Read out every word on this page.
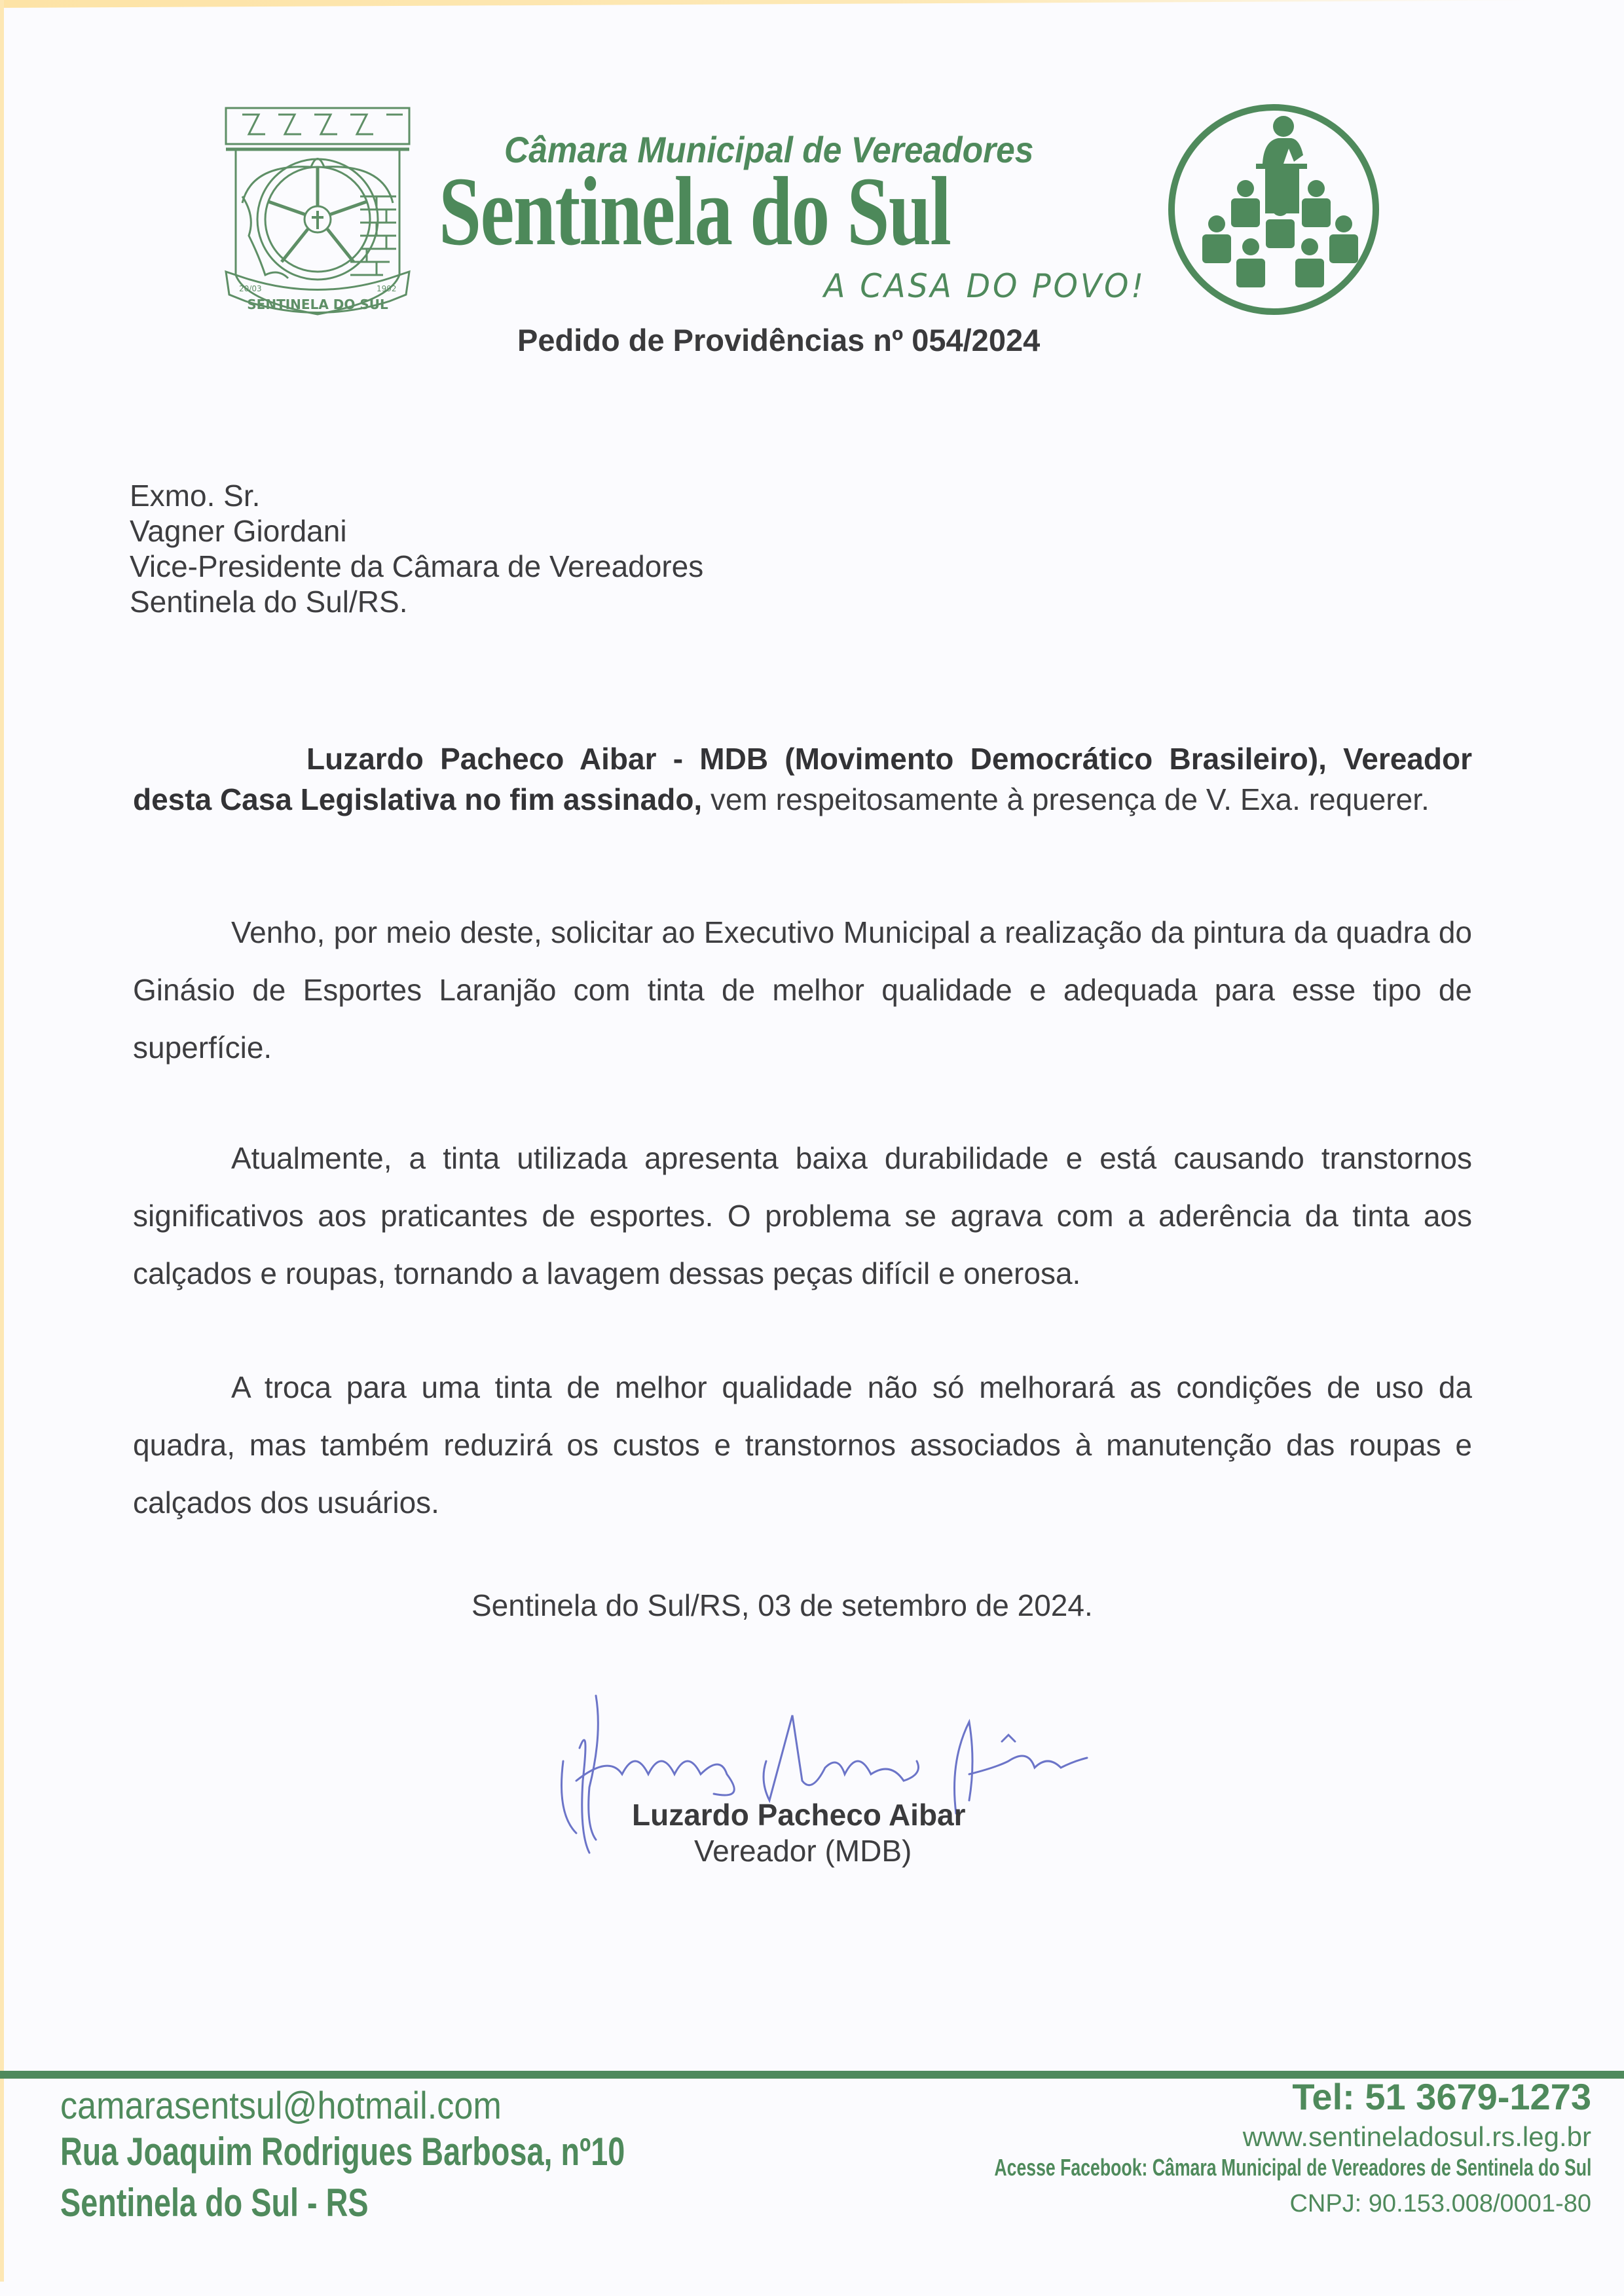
SENTINELA DO SUL
20/03	1992
Câmara Municipal de Vereadores
Sentinela do Sul
A CASA DO POVO!
Pedido de Providências nº 054/2024
Exmo. Sr.
Vagner Giordani
Vice-Presidente da Câmara de Vereadores
Sentinela do Sul/RS.
Luzardo Pacheco Aibar - MDB (Movimento Democrático Brasileiro), Vereador desta Casa Legislativa no fim assinado, vem respeitosamente à presença de V. Exa. requerer.
Venho, por meio deste, solicitar ao Executivo Municipal a realização da pintura da quadra do Ginásio de Esportes Laranjão com tinta de melhor qualidade e adequada para esse tipo de superfície.
Atualmente, a tinta utilizada apresenta baixa durabilidade e está causando transtornos significativos aos praticantes de esportes. O problema se agrava com a aderência da tinta aos calçados e roupas, tornando a lavagem dessas peças difícil e onerosa.
A troca para uma tinta de melhor qualidade não só melhorará as condições de uso da quadra, mas também reduzirá os custos e transtornos associados à manutenção das roupas e calçados dos usuários.
Sentinela do Sul/RS, 03 de setembro de 2024.
Luzardo Pacheco Aibar
Vereador (MDB)
camarasentsul@hotmail.com
Rua Joaquim Rodrigues Barbosa, nº10
Sentinela do Sul - RS
Tel: 51 3679-1273
www.sentineladosul.rs.leg.br
Acesse Facebook: Câmara Municipal de Vereadores de Sentinela do Sul
CNPJ: 90.153.008/0001-80
